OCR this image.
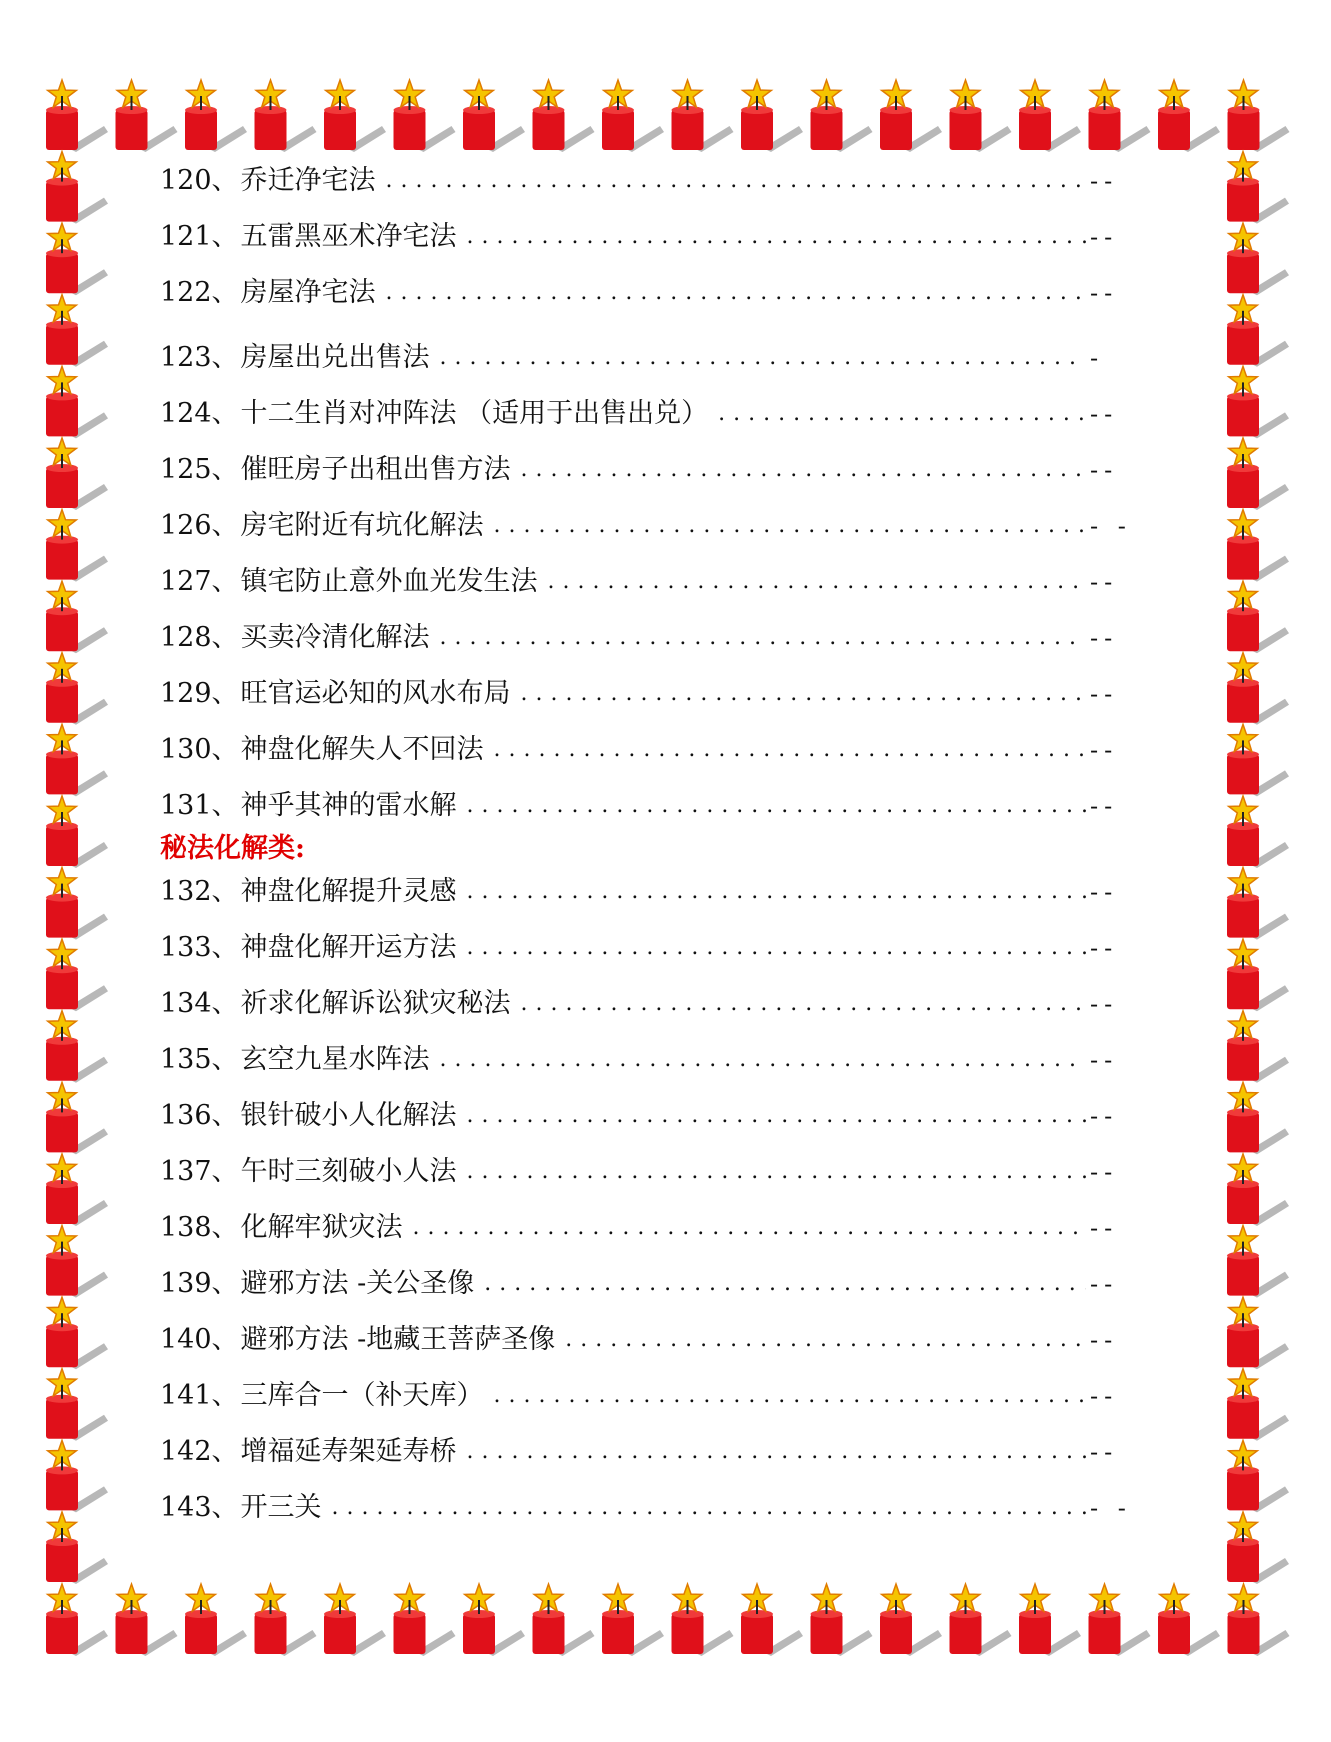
120 、 乔迁净宅法 . . .	--
121 、 五雷黑巫术净宅法 . . .	--
122 、 房屋净宅法 . . .	--
123 、 房屋出兑出售法 . . .	-
124 、 十二生肖对冲阵法 （适用于出售出兑） . . .	--
125 、 催旺房子出租出售方法 . . .	--
126 、 房宅附近有坑化解法 . . .	- -
127 、 镇宅防止意外血光发生法 . . .	--
128 、 买卖冷清化解法 . . .	--
129 、 旺官运必知的风水布局 . . .	--
130 、 神盘化解失人不回法 . . .	--
131 、 神乎其神的雷水解 . . .	--
秘法化解类:
132 、 神盘化解提升灵感 . . .	--
133 、 神盘化解开运方法 . . .	--
134 、 祈求化解诉讼狱灾秘法 . . .	--
135 、 玄空九星水阵法 . . .	--
136 、 银针破小人化解法 . . .	--
137 、 午时三刻破小人法 . . .	--
138 、 化解牢狱灾法 . . .	--
139 、 避邪方法 -关公圣像 . . .	--
140 、 避邪方法 -地藏王菩萨圣像 . . .	--
141 、 三库合一（补天库） . . .	--
142 、 增福延寿架延寿桥 . . .	--
143 、 开三关 . . .	- -
